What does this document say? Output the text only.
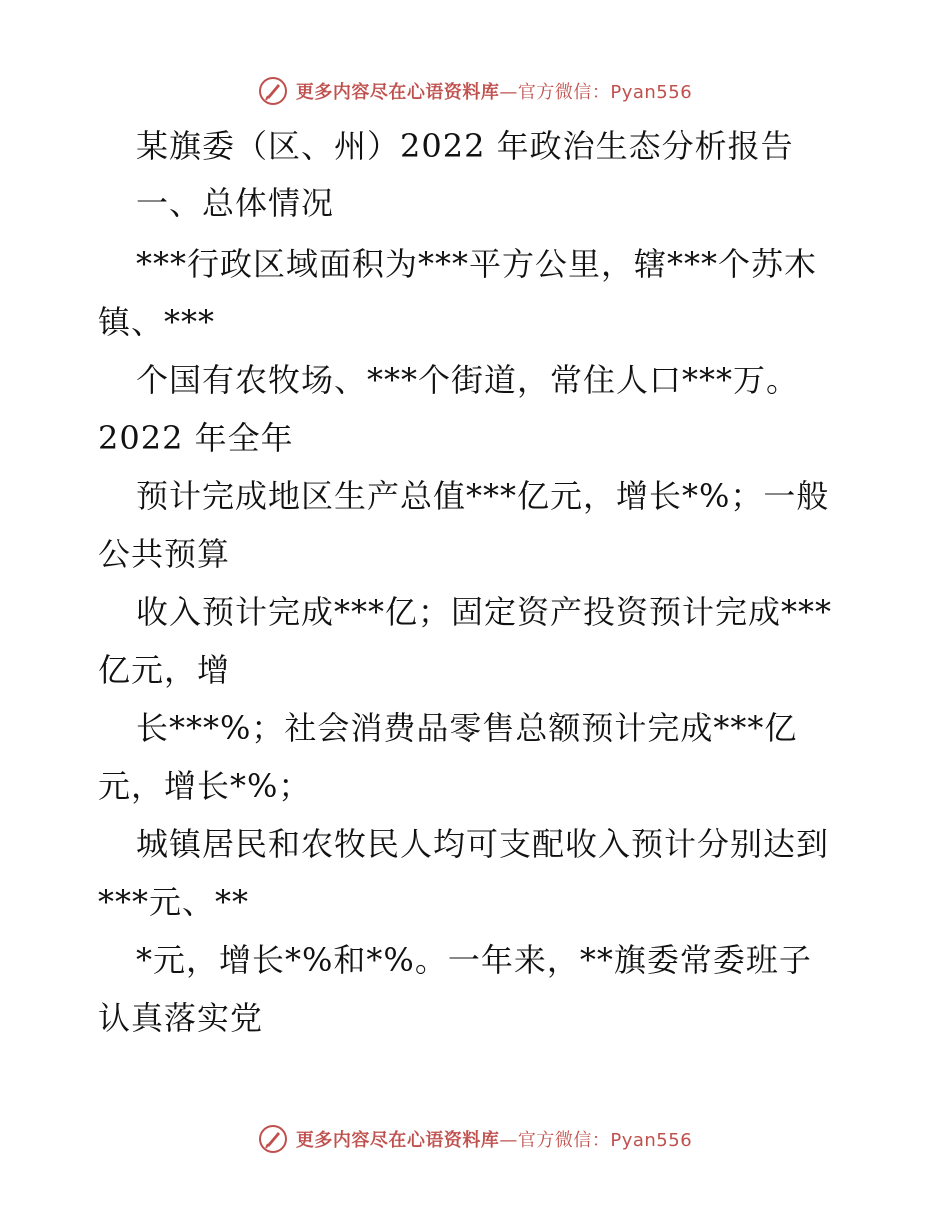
更多内容尽在心语资料库 —官方微信：Pyan556
某旗委（区、州）2022 年政治生态分析报告
一、总体情况
***行政区域面积为***平方公里，辖***个苏木
镇、***
个国有农牧场、***个街道，常住人口***万。
2022 年全年
预计完成地区生产总值***亿元，增长*%；一般
公共预算
收入预计完成***亿；固定资产投资预计完成***
亿元，增
长***%；社会消费品零售总额预计完成***亿
元，增长*%；
城镇居民和农牧民人均可支配收入预计分别达到
***元、**
*元，增长*%和*%。一年来，**旗委常委班子
认真落实党
更多内容尽在心语资料库 —官方微信：Pyan556
